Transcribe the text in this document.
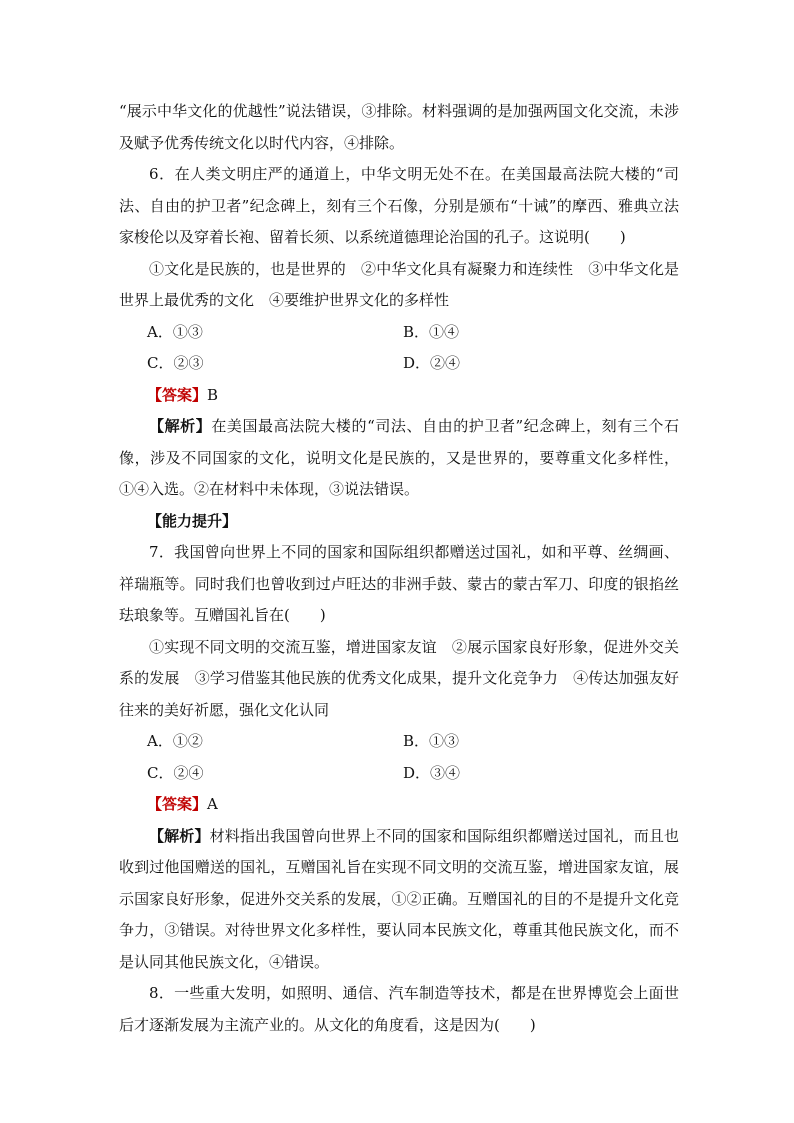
“展示中华文化的优越性”说法错误，③排除。材料强调的是加强两国文化交流，未涉及赋予优秀传统文化以时代内容，④排除。

6．在人类文明庄严的通道上，中华文明无处不在。在美国最高法院大楼的“司法、自由的护卫者”纪念碑上，刻有三个石像，分别是颁布“十诫”的摩西、雅典立法家梭伦以及穿着长袍、留着长须、以系统道德理论治国的孔子。这说明(　　)

①文化是民族的，也是世界的　②中华文化具有凝聚力和连续性　③中华文化是世界上最优秀的文化　④要维护世界文化的多样性

A．①③	B．①④
C．②③	D．②④
【答案】B

【解析】在美国最高法院大楼的“司法、自由的护卫者”纪念碑上，刻有三个石像，涉及不同国家的文化，说明文化是民族的，又是世界的，要尊重文化多样性，①④入选。②在材料中未体现，③说法错误。

【能力提升】

7．我国曾向世界上不同的国家和国际组织都赠送过国礼，如和平尊、丝绸画、祥瑞瓶等。同时我们也曾收到过卢旺达的非洲手鼓、蒙古的蒙古军刀、印度的银掐丝珐琅象等。互赠国礼旨在(　　)

①实现不同文明的交流互鉴，增进国家友谊　②展示国家良好形象，促进外交关系的发展　③学习借鉴其他民族的优秀文化成果，提升文化竞争力　④传达加强友好往来的美好祈愿，强化文化认同

A．①②	B．①③
C．②④	D．③④
【答案】A

【解析】材料指出我国曾向世界上不同的国家和国际组织都赠送过国礼，而且也收到过他国赠送的国礼，互赠国礼旨在实现不同文明的交流互鉴，增进国家友谊，展示国家良好形象，促进外交关系的发展，①②正确。互赠国礼的目的不是提升文化竞争力，③错误。对待世界文化多样性，要认同本民族文化，尊重其他民族文化，而不是认同其他民族文化，④错误。

8．一些重大发明，如照明、通信、汽车制造等技术，都是在世界博览会上面世后才逐渐发展为主流产业的。从文化的角度看，这是因为(　　)
